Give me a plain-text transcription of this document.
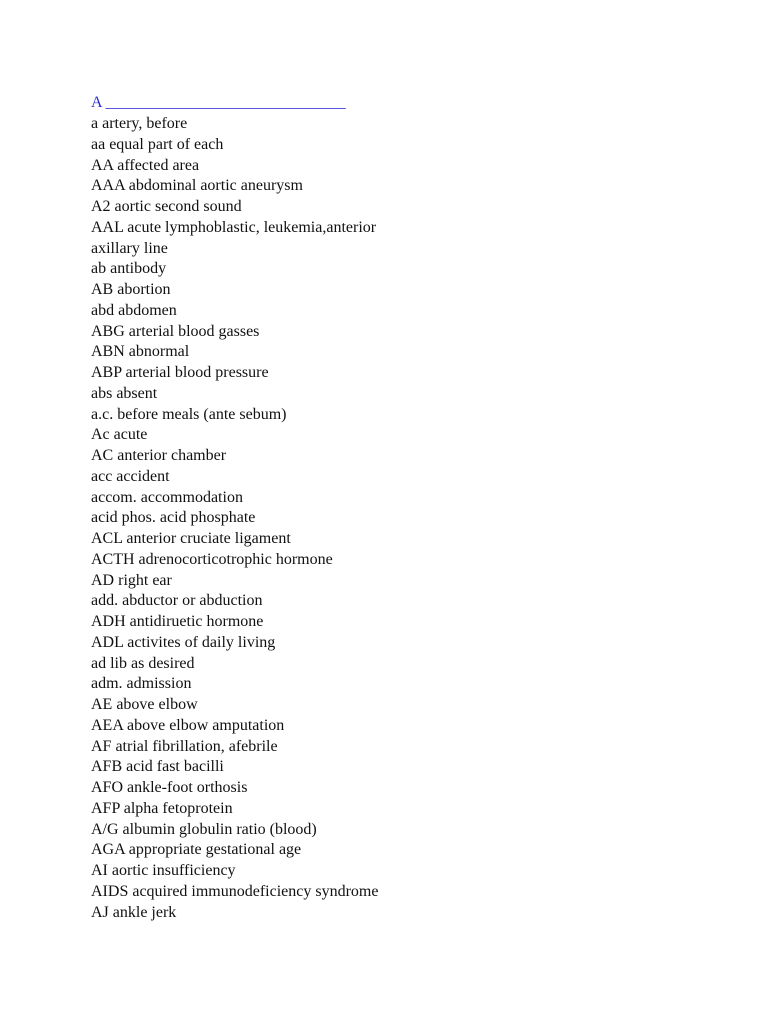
A ______________________________
a artery, before
aa equal part of each
AA affected area
AAA abdominal aortic aneurysm
A2 aortic second sound
AAL acute lymphoblastic, leukemia,anterior
axillary line
ab antibody
AB abortion
abd abdomen
ABG arterial blood gasses
ABN abnormal
ABP arterial blood pressure
abs absent
a.c. before meals (ante sebum)
Ac acute
AC anterior chamber
acc accident
accom. accommodation
acid phos. acid phosphate
ACL anterior cruciate ligament
ACTH adrenocorticotrophic hormone
AD right ear
add. abductor or abduction
ADH antidiruetic hormone
ADL activites of daily living
ad lib as desired
adm. admission
AE above elbow
AEA above elbow amputation
AF atrial fibrillation, afebrile
AFB acid fast bacilli
AFO ankle-foot orthosis
AFP alpha fetoprotein
A/G albumin globulin ratio (blood)
AGA appropriate gestational age
AI aortic insufficiency
AIDS acquired immunodeficiency syndrome
AJ ankle jerk
